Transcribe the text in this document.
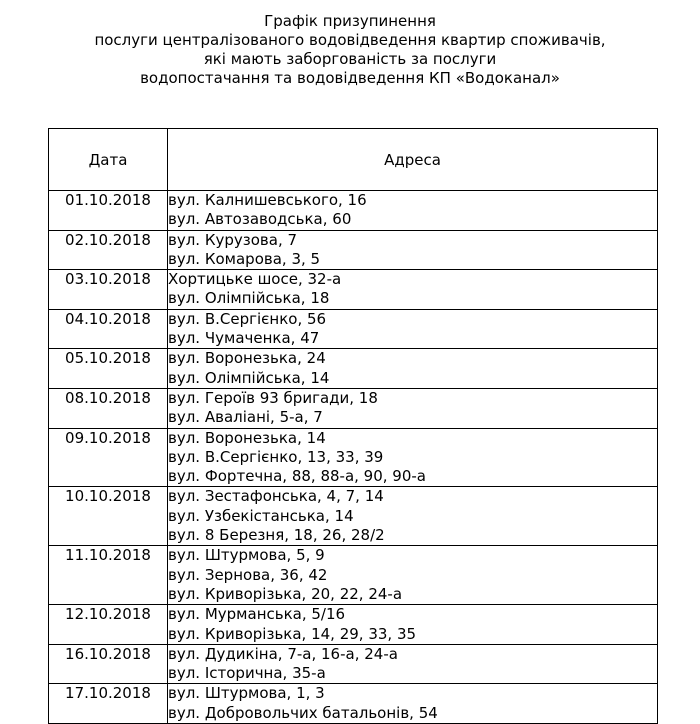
Графік призупинення
послуги централізованого водовідведення квартир споживачів,
які мають заборгованість за послуги
водопостачання та водовідведення КП «Водоканал»
Дата	Адреса
01.10.2018	вул. Калнишевського, 16
вул. Автозаводська, 60

02.10.2018	вул. Курузова, 7
вул. Комарова, 3, 5

03.10.2018	Хортицьке шосе, 32-а
вул. Олімпійська, 18

04.10.2018	вул. В.Сергієнко, 56
вул. Чумаченка, 47

05.10.2018	вул. Воронезька, 24
вул. Олімпійська, 14

08.10.2018	вул. Героїв 93 бригади, 18
вул. Аваліані, 5-а, 7

09.10.2018	вул. Воронезька, 14
вул. В.Сергієнко, 13, 33, 39
вул. Фортечна, 88, 88-а, 90, 90-а

10.10.2018	вул. Зестафонська, 4, 7, 14
вул. Узбекістанська, 14
вул. 8 Березня, 18, 26, 28/2

11.10.2018	вул. Штурмова, 5, 9
вул. Зернова, 36, 42
вул. Криворізька, 20, 22, 24-а

12.10.2018	вул. Мурманська, 5/16
вул. Криворізька, 14, 29, 33, 35

16.10.2018	вул. Дудикіна, 7-а, 16-а, 24-а
вул. Історична, 35-а

17.10.2018	вул. Штурмова, 1, 3
вул. Добровольчих батальонів, 54
